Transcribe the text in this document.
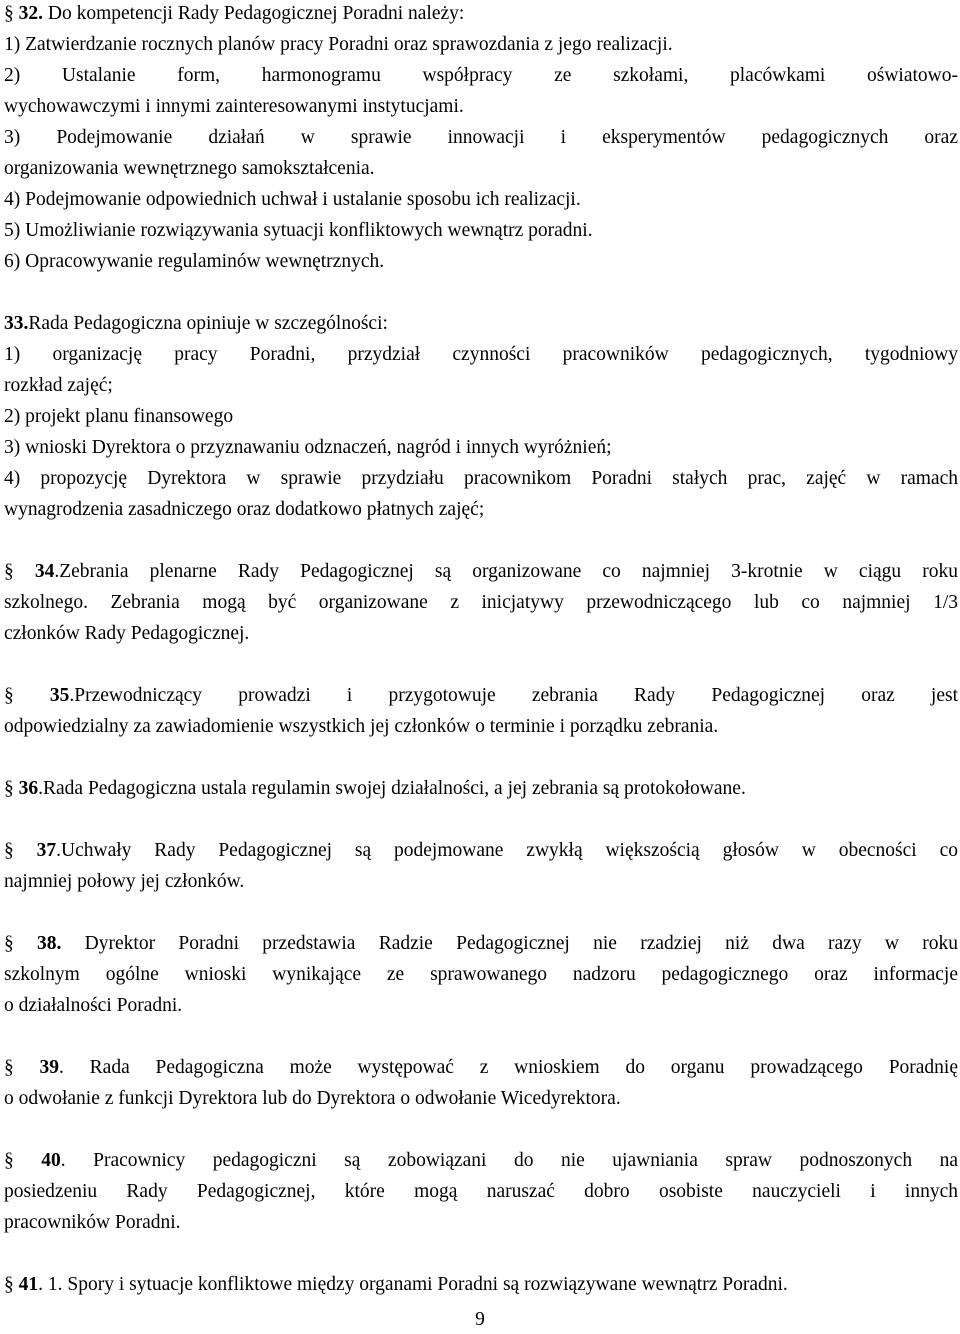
§ 32. Do kompetencji Rady Pedagogicznej Poradni należy:
1) Zatwierdzanie rocznych planów pracy Poradni oraz sprawozdania z jego realizacji.
2) Ustalanie form, harmonogramu współpracy ze szkołami, placówkami oświatowo-
wychowawczymi i innymi zainteresowanymi instytucjami.
3) Podejmowanie działań w sprawie innowacji i eksperymentów pedagogicznych oraz
organizowania wewnętrznego samokształcenia.
4) Podejmowanie odpowiednich uchwał i ustalanie sposobu ich realizacji.
5) Umożliwianie rozwiązywania sytuacji konfliktowych wewnątrz poradni.
6) Opracowywanie regulaminów wewnętrznych.
33.Rada Pedagogiczna opiniuje w szczególności:
1) organizację pracy Poradni, przydział czynności pracowników pedagogicznych, tygodniowy
rozkład zajęć;
2) projekt planu finansowego
3) wnioski Dyrektora o przyznawaniu odznaczeń, nagród i innych wyróżnień;
4) propozycję Dyrektora w sprawie przydziału pracownikom Poradni stałych prac, zajęć w ramach
wynagrodzenia zasadniczego oraz dodatkowo płatnych zajęć;
§ 34.Zebrania plenarne Rady Pedagogicznej są organizowane co najmniej 3-krotnie w ciągu roku
szkolnego. Zebrania mogą być organizowane z inicjatywy przewodniczącego lub co najmniej 1/3
członków Rady Pedagogicznej.
§ 35.Przewodniczący prowadzi i przygotowuje zebrania Rady Pedagogicznej oraz jest
odpowiedzialny za zawiadomienie wszystkich jej członków o terminie i porządku zebrania.
§ 36.Rada Pedagogiczna ustala regulamin swojej działalności, a jej zebrania są protokołowane.
§ 37.Uchwały Rady Pedagogicznej są podejmowane zwykłą większością głosów w obecności co
najmniej połowy jej członków.
§ 38. Dyrektor Poradni przedstawia Radzie Pedagogicznej nie rzadziej niż dwa razy w roku
szkolnym ogólne wnioski wynikające ze sprawowanego nadzoru pedagogicznego oraz informacje
o działalności Poradni.
§ 39. Rada Pedagogiczna może występować z wnioskiem do organu prowadzącego Poradnię
o odwołanie z funkcji Dyrektora lub do Dyrektora o odwołanie Wicedyrektora.
§ 40. Pracownicy pedagogiczni są zobowiązani do nie ujawniania spraw podnoszonych na
posiedzeniu Rady Pedagogicznej, które mogą naruszać dobro osobiste nauczycieli i innych
pracowników Poradni.
§ 41. 1. Spory i sytuacje konfliktowe między organami Poradni są rozwiązywane wewnątrz Poradni.
9
